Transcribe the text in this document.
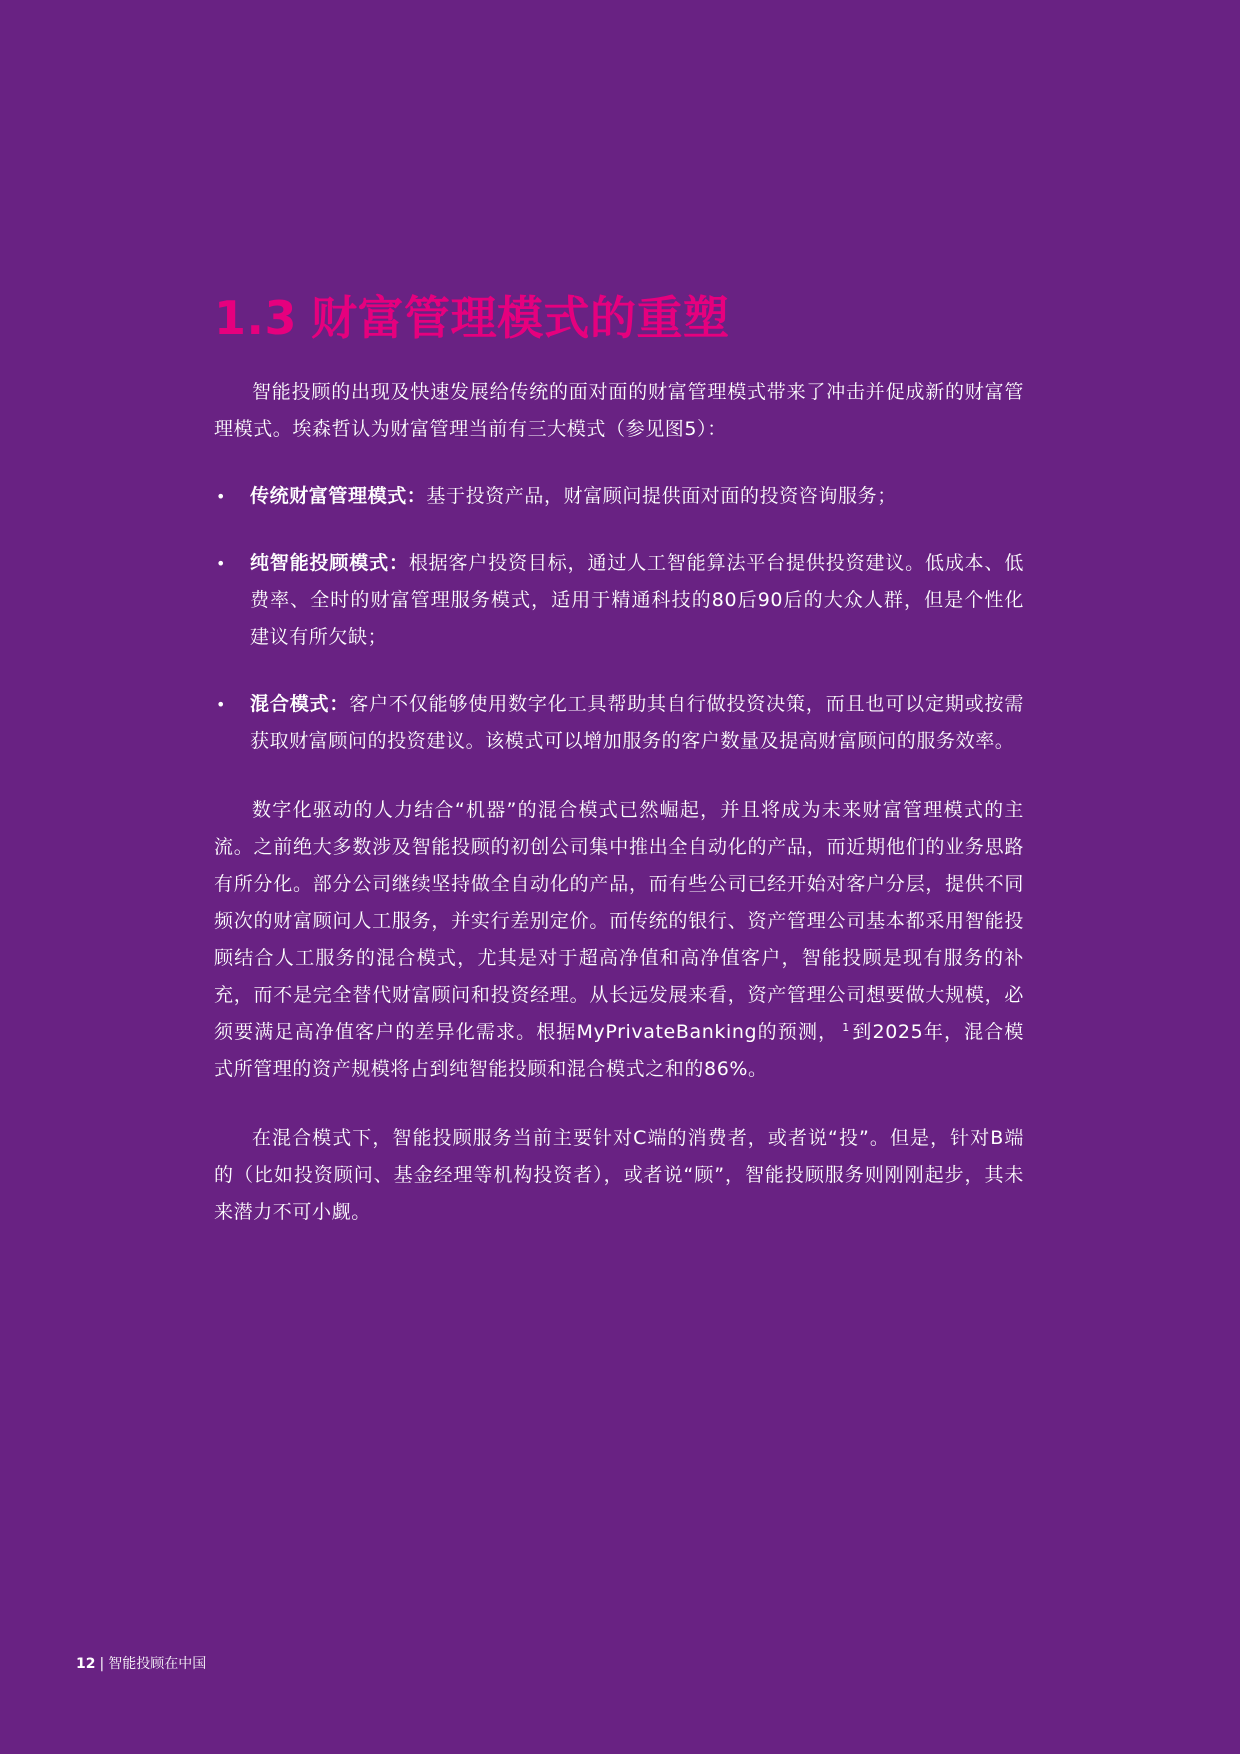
1.3 财富管理模式的重塑

智能投顾的出现及快速发展给传统的面对面的财富管理模式带来了冲击并促成新的财富管理模式。埃森哲认为财富管理当前有三大模式（参见图5）：

• 传统财富管理模式：基于投资产品，财富顾问提供面对面的投资咨询服务；
• 纯智能投顾模式：根据客户投资目标，通过人工智能算法平台提供投资建议。低成本、低费率、全时的财富管理服务模式，适用于精通科技的80后90后的大众人群，但是个性化建议有所欠缺；
• 混合模式：客户不仅能够使用数字化工具帮助其自行做投资决策，而且也可以定期或按需获取财富顾问的投资建议。该模式可以增加服务的客户数量及提高财富顾问的服务效率。

数字化驱动的人力结合“机器”的混合模式已然崛起，并且将成为未来财富管理模式的主流。之前绝大多数涉及智能投顾的初创公司集中推出全自动化的产品，而近期他们的业务思路有所分化。部分公司继续坚持做全自动化的产品，而有些公司已经开始对客户分层，提供不同频次的财富顾问人工服务，并实行差别定价。而传统的银行、资产管理公司基本都采用智能投顾结合人工服务的混合模式，尤其是对于超高净值和高净值客户，智能投顾是现有服务的补充，而不是完全替代财富顾问和投资经理。从长远发展来看，资产管理公司想要做大规模，必须要满足高净值客户的差异化需求。根据MyPrivateBanking的预测， $^1$ 到2025年，混合模式所管理的资产规模将占到纯智能投顾和混合模式之和的86%。

在混合模式下，智能投顾服务当前主要针对C端的消费者，或者说“投”。但是，针对B端的（比如投资顾问、基金经理等机构投资者），或者说“顾”，智能投顾服务则刚刚起步，其未来潜力不可小觑。

12 | 智能投顾在中国
